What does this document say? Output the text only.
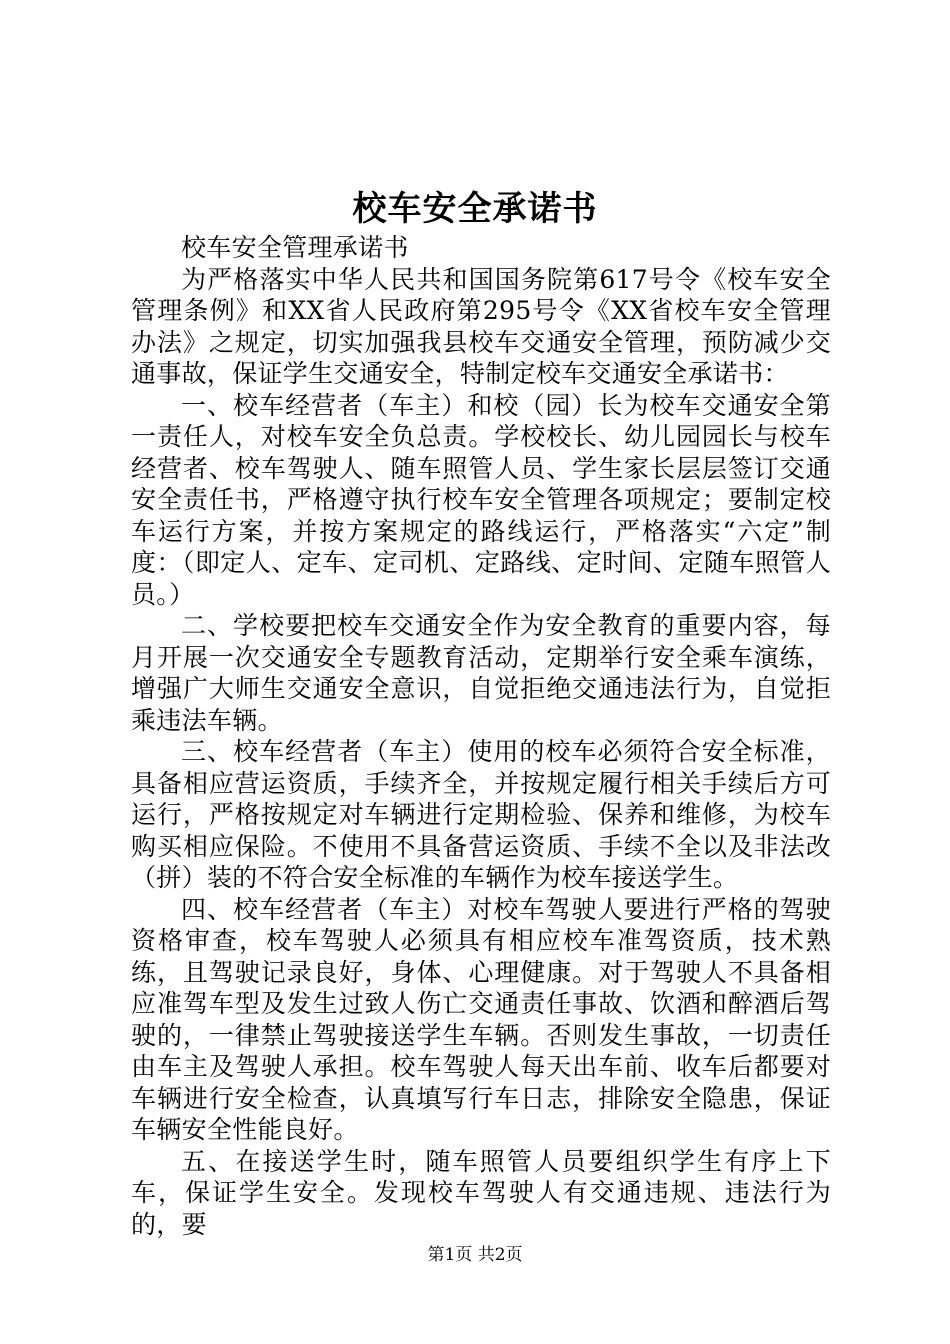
校车安全承诺书

校车安全管理承诺书

为严格落实中华人民共和国国务院第617号令《校车安全管理条例》和XX省人民政府第295号令《XX省校车安全管理办法》之规定，切实加强我县校车交通安全管理，预防减少交通事故，保证学生交通安全，特制定校车交通安全承诺书：

一、校车经营者（车主）和校（园）长为校车交通安全第一责任人，对校车安全负总责。学校校长、幼儿园园长与校车经营者、校车驾驶人、随车照管人员、学生家长层层签订交通安全责任书，严格遵守执行校车安全管理各项规定；要制定校车运行方案，并按方案规定的路线运行，严格落实“六定”制度：（即定人、定车、定司机、定路线、定时间、定随车照管人员。）

二、学校要把校车交通安全作为安全教育的重要内容，每月开展一次交通安全专题教育活动，定期举行安全乘车演练，增强广大师生交通安全意识，自觉拒绝交通违法行为，自觉拒乘违法车辆。

三、校车经营者（车主）使用的校车必须符合安全标准，具备相应营运资质，手续齐全，并按规定履行相关手续后方可运行，严格按规定对车辆进行定期检验、保养和维修，为校车购买相应保险。不使用不具备营运资质、手续不全以及非法改（拼）装的不符合安全标准的车辆作为校车接送学生。

四、校车经营者（车主）对校车驾驶人要进行严格的驾驶资格审查，校车驾驶人必须具有相应校车准驾资质，技术熟练，且驾驶记录良好，身体、心理健康。对于驾驶人不具备相应准驾车型及发生过致人伤亡交通责任事故、饮酒和醉酒后驾驶的，一律禁止驾驶接送学生车辆。否则发生事故，一切责任由车主及驾驶人承担。校车驾驶人每天出车前、收车后都要对车辆进行安全检查，认真填写行车日志，排除安全隐患，保证车辆安全性能良好。

五、在接送学生时，随车照管人员要组织学生有序上下车，保证学生安全。发现校车驾驶人有交通违规、违法行为的，要

第1页 共2页
